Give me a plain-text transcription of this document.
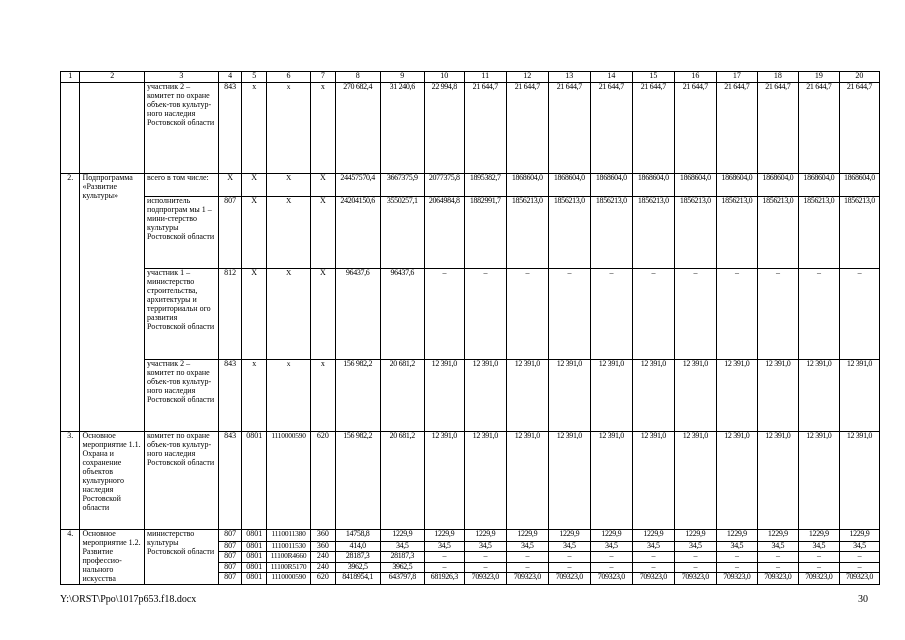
1	2	3	4	5	6	7	8	9	10	11	12	13	14	15	16	17	18	19	20
		участник 2 – комитет по охране объек-тов культур-ного наследия Ростовской области	843	х	х	х	270 682,4	31 240,6	22 994,8	21 644,7	21 644,7	21 644,7	21 644,7	21 644,7	21 644,7	21 644,7	21 644,7	21 644,7	21 644,7
2.	Подпрограмма «Развитие культуры»	всего в том числе:	Х	Х	Х	Х	24457570,4	3667375,9	2077375,8	1895382,7	1868604,0	1868604,0	1868604,0	1868604,0	1868604,0	1868604,0	1868604,0	1868604,0	1868604,0
		исполнитель подпрограм мы 1 – мини-стерство культуры Ростовской области	807	Х	Х	Х	24204150,6	3550257,1	2064984,8	1882991,7	1856213,0	1856213,0	1856213,0	1856213,0	1856213,0	1856213,0	1856213,0	1856213,0	1856213,0
		участник 1 – министерство строительства, архитектуры и территориальн ого развития Ростовской области	812	Х	Х	Х	96437,6	96437,6	–	–	–	–	–	–	–	–	–	–	–
		участник 2 – комитет по охране объек-тов культур-ного наследия Ростовской области	843	х	х	х	156 982,2	20 681,2	12 391,0	12 391,0	12 391,0	12 391,0	12 391,0	12 391,0	12 391,0	12 391,0	12 391,0	12 391,0	12 391,0
3.	Основное мероприятие 1.1. Охрана и сохранение объектов культурного наследия Ростовской области	комитет по охране объек-тов культур-ного наследия Ростовской области	843	0801	1110000590	620	156 982,2	20 681,2	12 391,0	12 391,0	12 391,0	12 391,0	12 391,0	12 391,0	12 391,0	12 391,0	12 391,0	12 391,0	12 391,0
4.	Основное мероприятие 1.2. Развитие профессио-нального искусства	министерство культуры Ростовской области	807	0801	1110011380	360	14758,8	1229,9	1229,9	1229,9	1229,9	1229,9	1229,9	1229,9	1229,9	1229,9	1229,9	1229,9	1229,9
			807	0801	1110011530	360	414,0	34,5	34,5	34,5	34,5	34,5	34,5	34,5	34,5	34,5	34,5	34,5	34,5
			807	0801	11100R4660	240	28187,3	28187,3	–	–	–	–	–	–	–	–	–	–	–
			807	0801	11100R5170	240	3962,5	3962,5	–	–	–	–	–	–	–	–	–	–	–
			807	0801	1110000590	620	8418954,1	643797,8	681926,3	709323,0	709323,0	709323,0	709323,0	709323,0	709323,0	709323,0	709323,0	709323,0	709323,0
Y:\ORST\Ppo\1017p653.f18.docx	30
